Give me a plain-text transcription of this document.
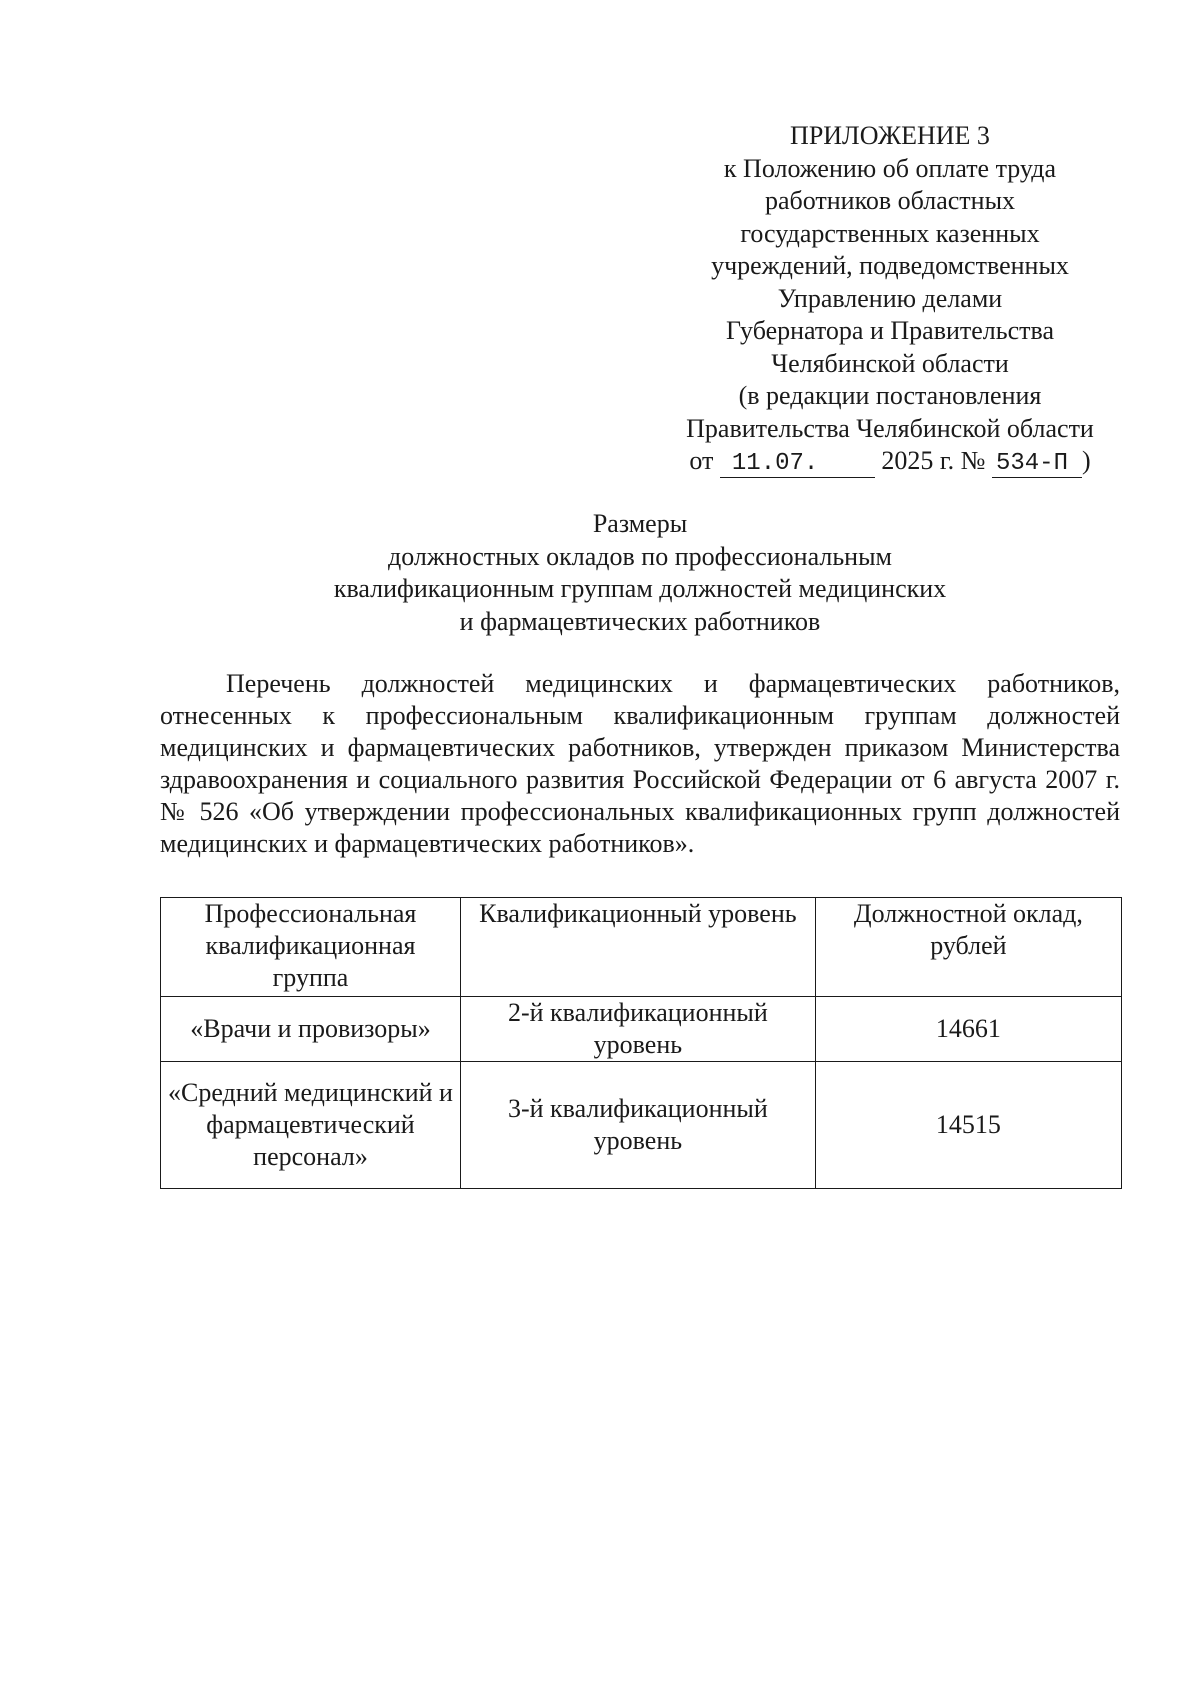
ПРИЛОЖЕНИЕ 3
к Положению об оплате труда
работников областных
государственных казенных
учреждений, подведомственных
Управлению делами
Губернатора и Правительства
Челябинской области
(в редакции постановления
Правительства Челябинской области
от 11.07. 2025 г. № 534-П )
Размеры
должностных окладов по профессиональным
квалификационным группам должностей медицинских
и фармацевтических работников

Перечень должностей медицинских и фармацевтических работников, отнесенных к профессиональным квалификационным группам должностей медицинских и фармацевтических работников, утвержден приказом Министерства здравоохранения и социального развития Российской Федерации от 6 августа 2007 г. № 526 «Об утверждении профессиональных квалификационных групп должностей медицинских и фармацевтических работников».

Профессиональная квалификационная группа	Квалификационный уровень	Должностной оклад, рублей
«Врачи и провизоры»	2-й квалификационный уровень	14661
«Средний медицинский и фармацевтический персонал»	3-й квалификационный уровень	14515
